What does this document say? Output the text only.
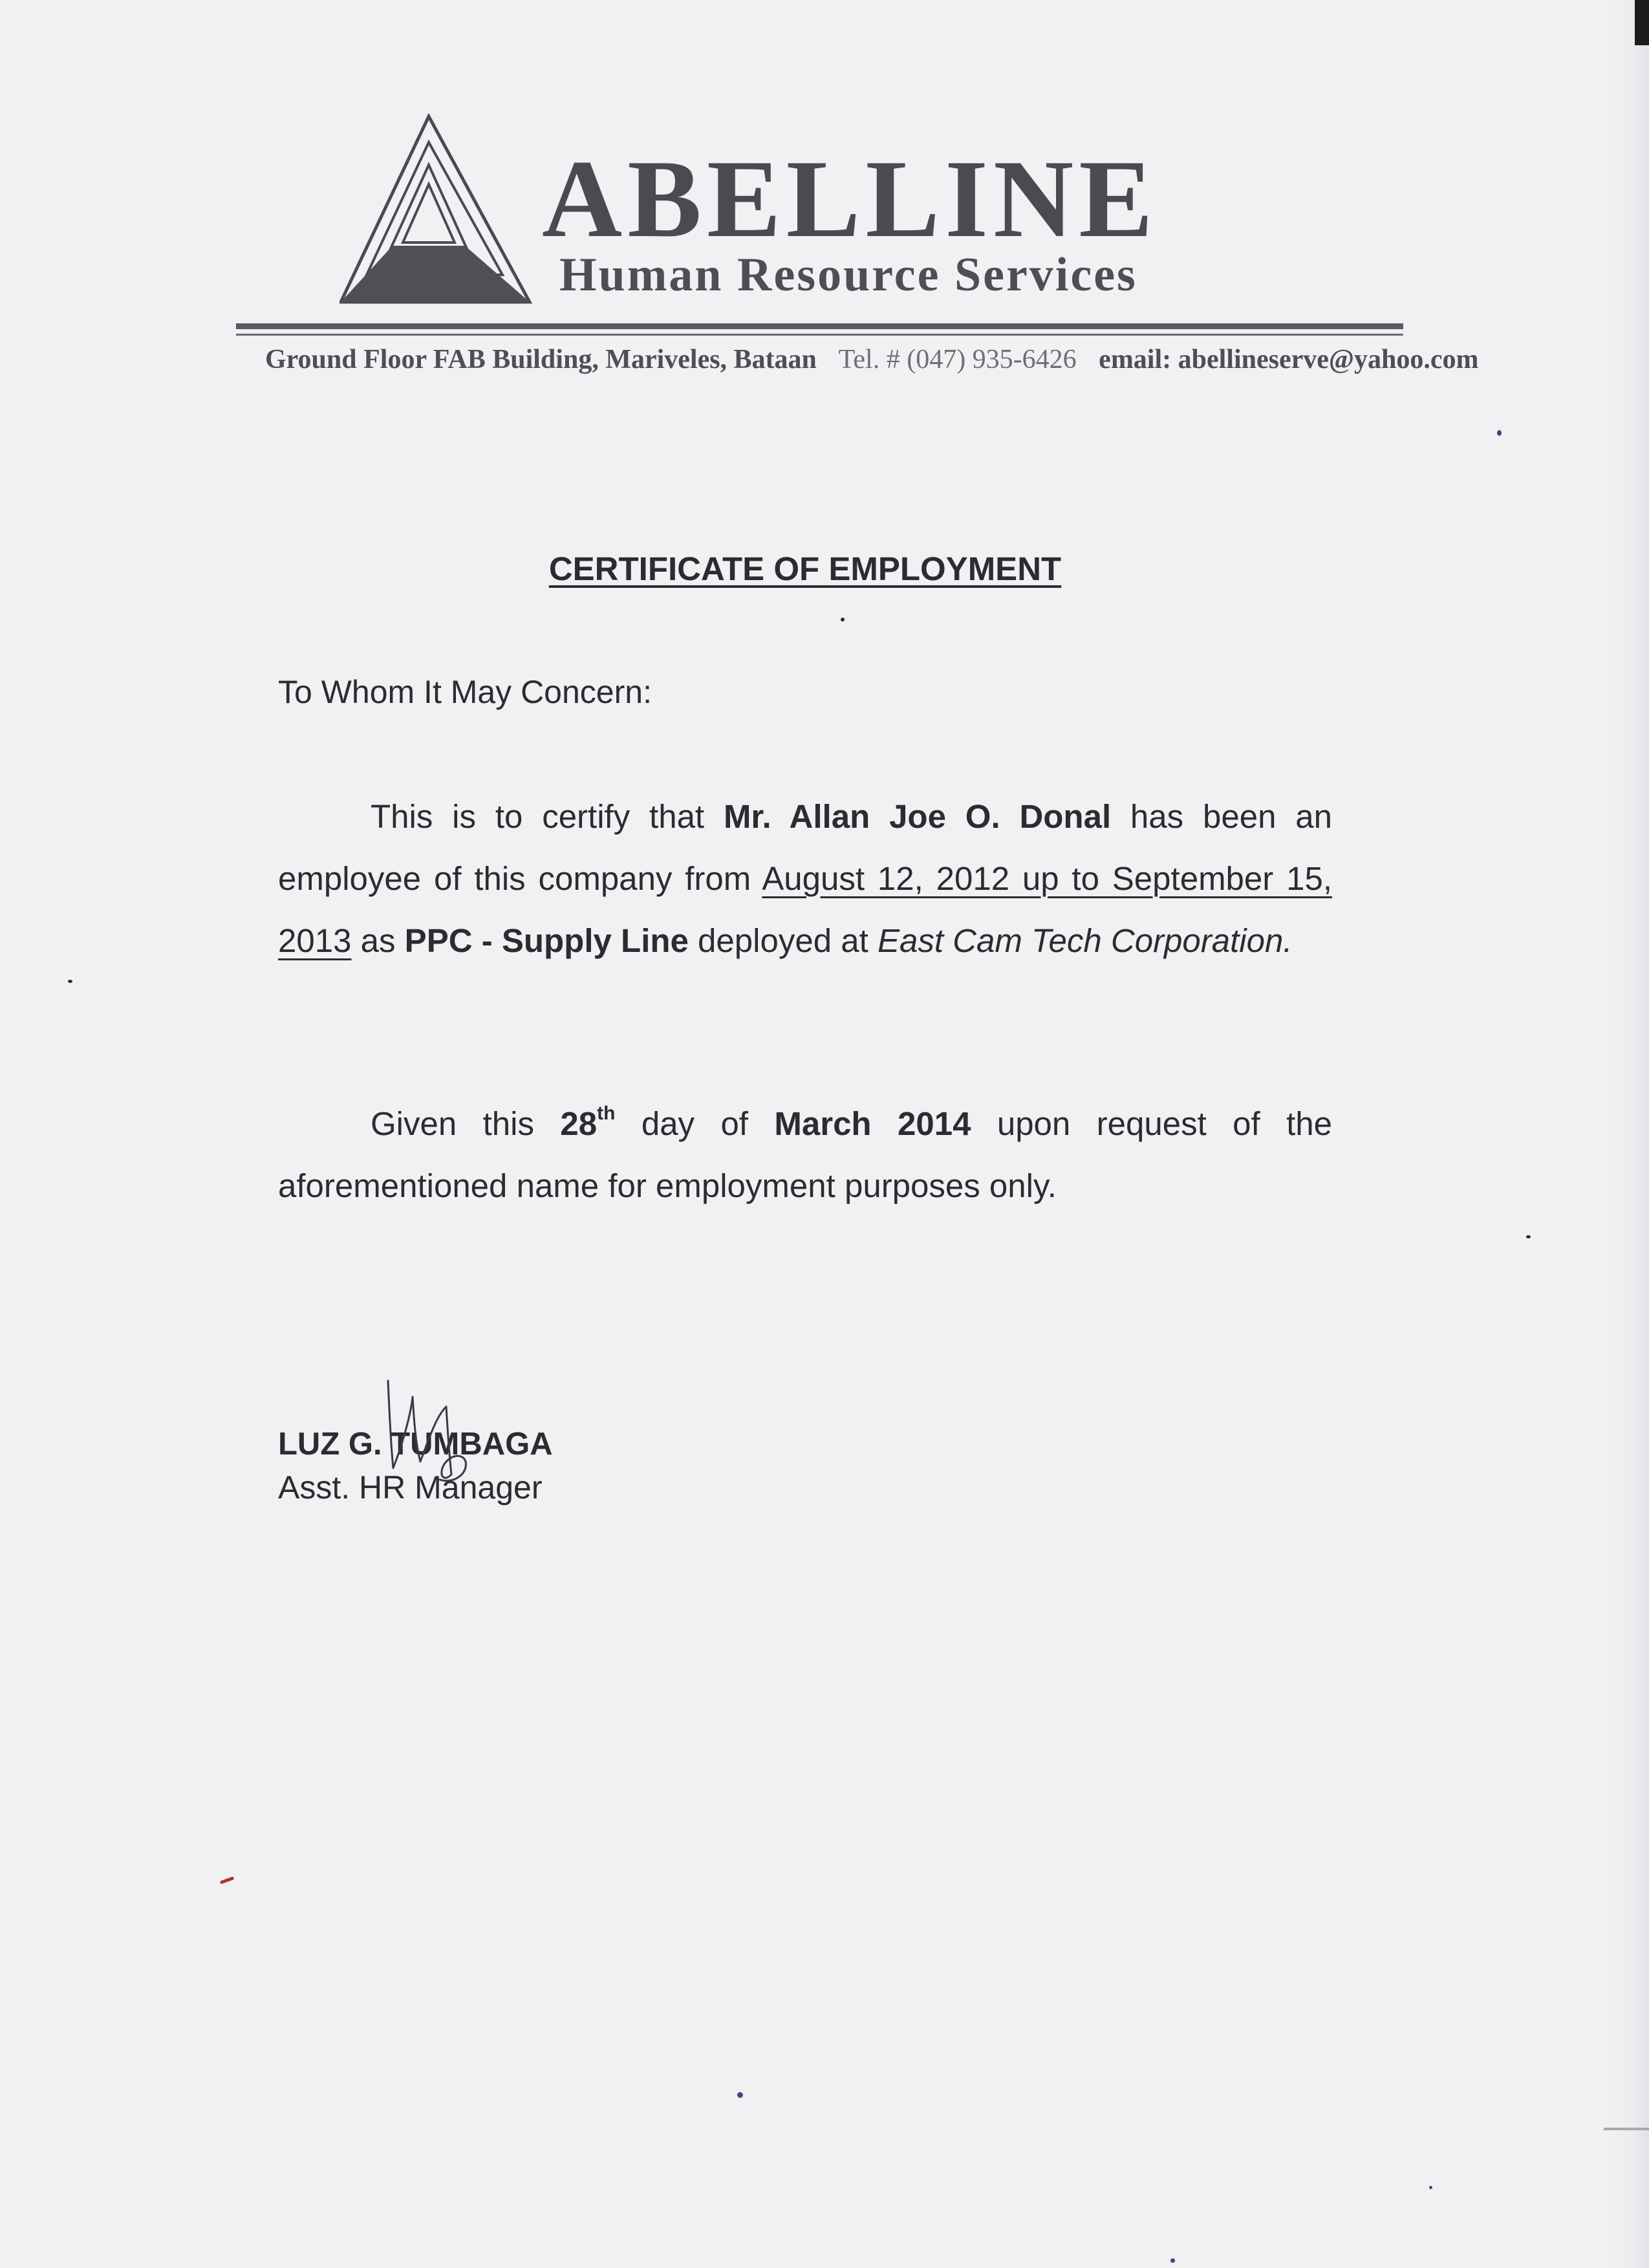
ABELLINE
Human Resource Services
Ground Floor FAB Building, Mariveles, Bataan Tel. # (047) 935-6426 email: abellineserve@yahoo.com
CERTIFICATE OF EMPLOYMENT
To Whom It May Concern:
This is to certify that Mr. Allan Joe O. Donal has been an employee of this company from August 12, 2012 up to September 15, 2013 as PPC - Supply Line deployed at East Cam Tech Corporation.
Given this 28th day of March 2014 upon request of the aforementioned name for employment purposes only.
LUZ G. TUMBAGA
Asst. HR Manager
